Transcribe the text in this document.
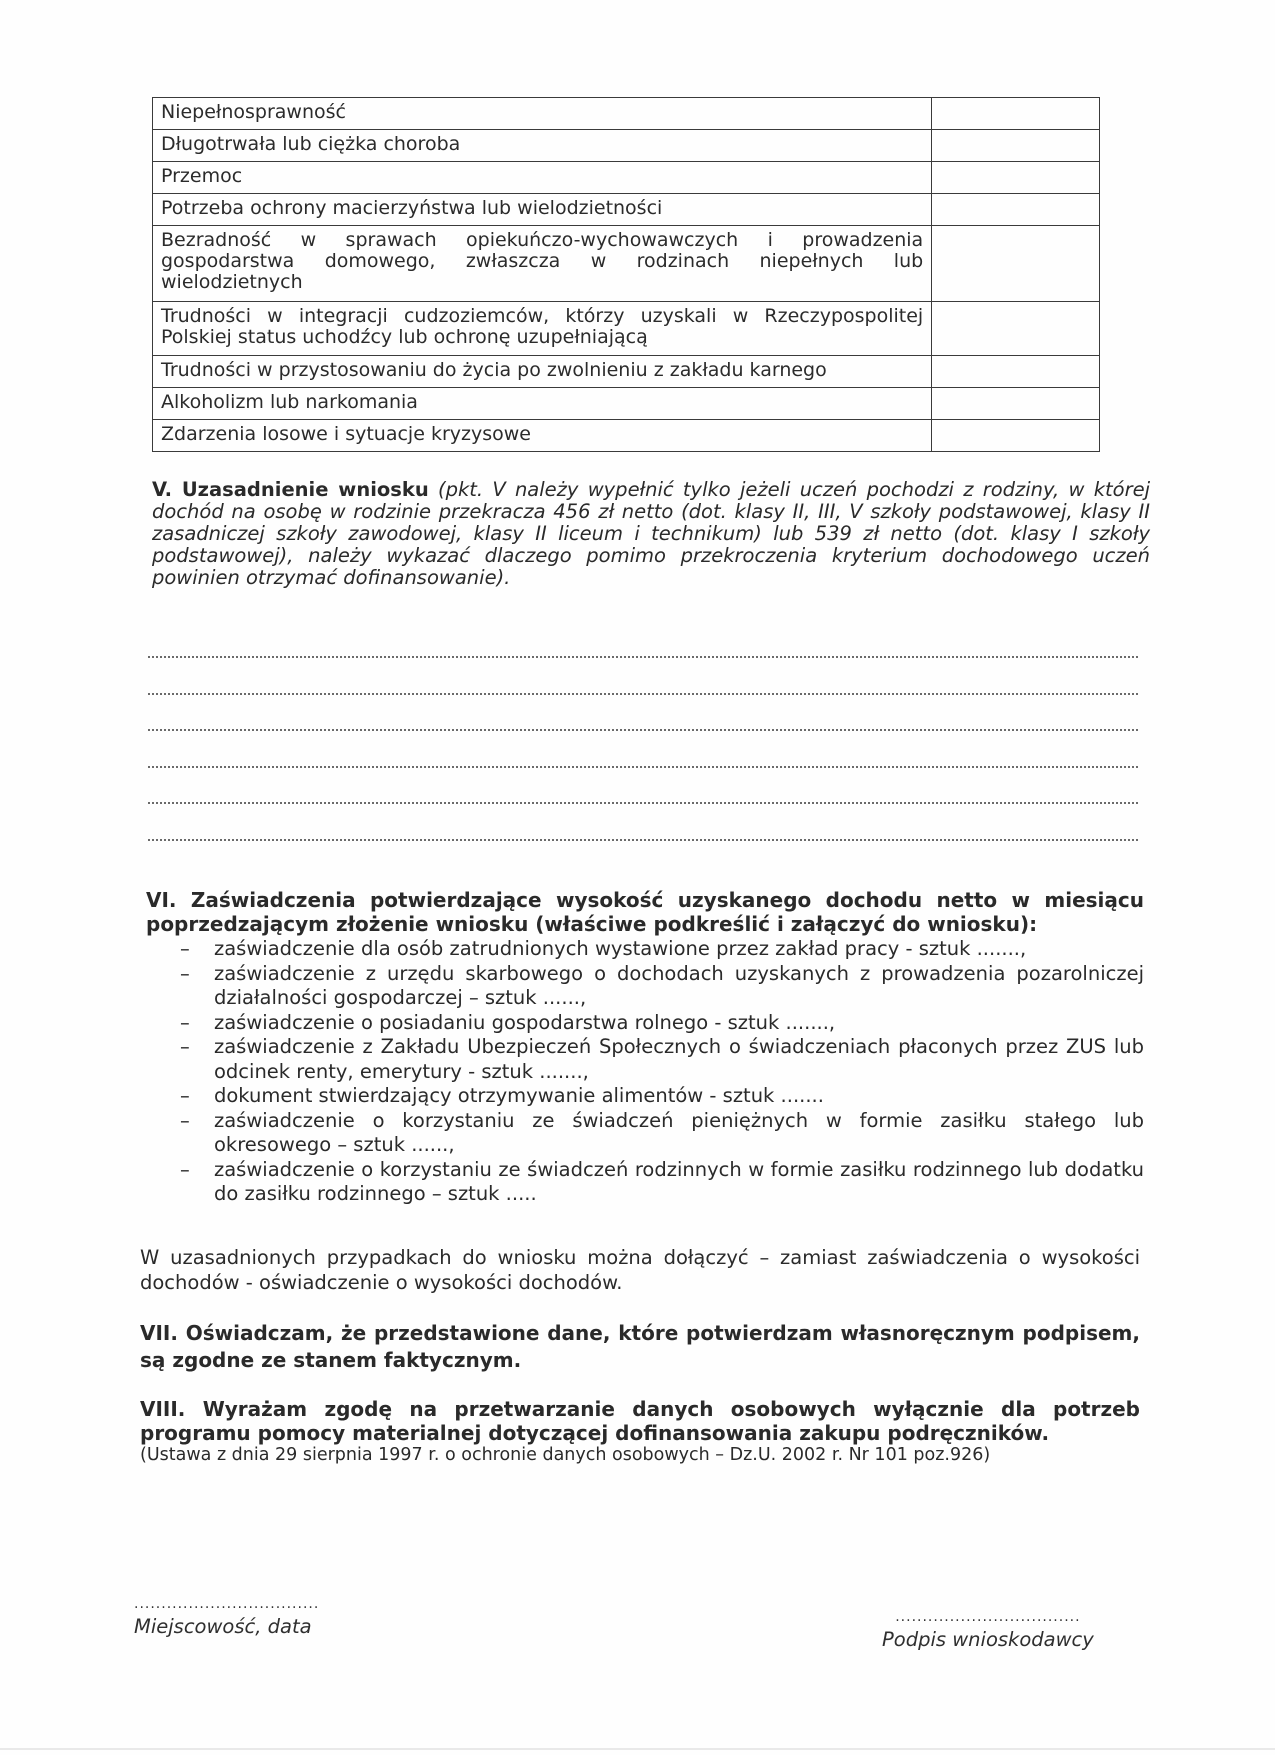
Niepełnosprawność	
Długotrwała lub ciężka choroba	
Przemoc	
Potrzeba ochrony macierzyństwa lub wielodzietności	
Bezradność w sprawach opiekuńczo-wychowawczych i prowadzenia gospodarstwa domowego, zwłaszcza w rodzinach niepełnych lub wielodzietnych	
Trudności w integracji cudzoziemców, którzy uzyskali w Rzeczypospolitej Polskiej status uchodźcy lub ochronę uzupełniającą	
Trudności w przystosowaniu do życia po zwolnieniu z zakładu karnego	
Alkoholizm lub narkomania	
Zdarzenia losowe i sytuacje kryzysowe	
V. Uzasadnienie wniosku (pkt. V należy wypełnić tylko jeżeli uczeń pochodzi z rodziny, w której dochód na osobę w rodzinie przekracza 456 zł netto (dot. klasy II, III, V szkoły podstawowej, klasy II zasadniczej szkoły zawodowej, klasy II liceum i technikum) lub 539 zł netto (dot. klasy I szkoły podstawowej), należy wykazać dlaczego pomimo przekroczenia kryterium dochodowego uczeń powinien otrzymać dofinansowanie).
VI. Zaświadczenia potwierdzające wysokość uzyskanego dochodu netto w miesiącu poprzedzającym złożenie wniosku (właściwe podkreślić i załączyć do wniosku):
– zaświadczenie dla osób zatrudnionych wystawione przez zakład pracy - sztuk .......,
– zaświadczenie z urzędu skarbowego o dochodach uzyskanych z prowadzenia pozarolniczej działalności gospodarczej – sztuk ......,
– zaświadczenie o posiadaniu gospodarstwa rolnego - sztuk .......,
– zaświadczenie z Zakładu Ubezpieczeń Społecznych o świadczeniach płaconych przez ZUS lub odcinek renty, emerytury - sztuk .......,
– dokument stwierdzający otrzymywanie alimentów - sztuk .......
– zaświadczenie o korzystaniu ze świadczeń pieniężnych w formie zasiłku stałego lub okresowego – sztuk ......,
– zaświadczenie o korzystaniu ze świadczeń rodzinnych w formie zasiłku rodzinnego lub dodatku do zasiłku rodzinnego – sztuk .....
W uzasadnionych przypadkach do wniosku można dołączyć – zamiast zaświadczenia o wysokości dochodów - oświadczenie o wysokości dochodów.
VII. Oświadczam, że przedstawione dane, które potwierdzam własnoręcznym podpisem, są zgodne ze stanem faktycznym.
VIII. Wyrażam zgodę na przetwarzanie danych osobowych wyłącznie dla potrzeb programu pomocy materialnej dotyczącej dofinansowania zakupu podręczników.
(Ustawa z dnia 29 sierpnia 1997 r. o ochronie danych osobowych – Dz.U. 2002 r. Nr 101 poz.926)
..................................
Miejscowość, data	..................................
Podpis wnioskodawcy
